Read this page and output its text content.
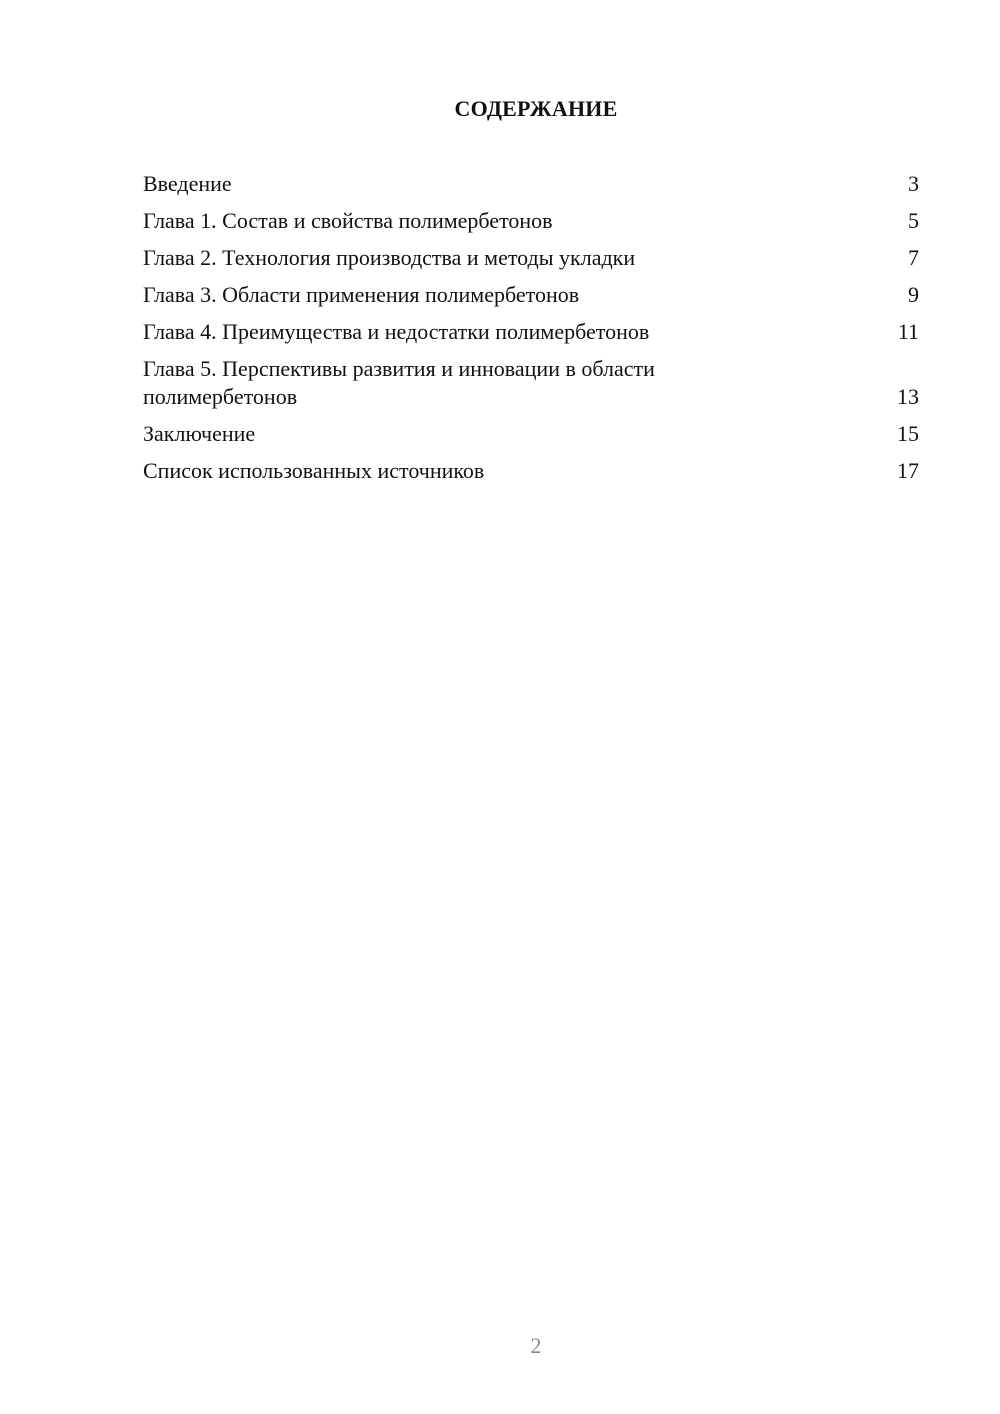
СОДЕРЖАНИЕ
Введение	3
Глава 1. Состав и свойства полимербетонов	5
Глава 2. Технология производства и методы укладки	7
Глава 3. Области применения полимербетонов	9
Глава 4. Преимущества и недостатки полимербетонов	11
Глава 5. Перспективы развития и инновации в области полимербетонов	13
Заключение	15
Список использованных источников	17
2
